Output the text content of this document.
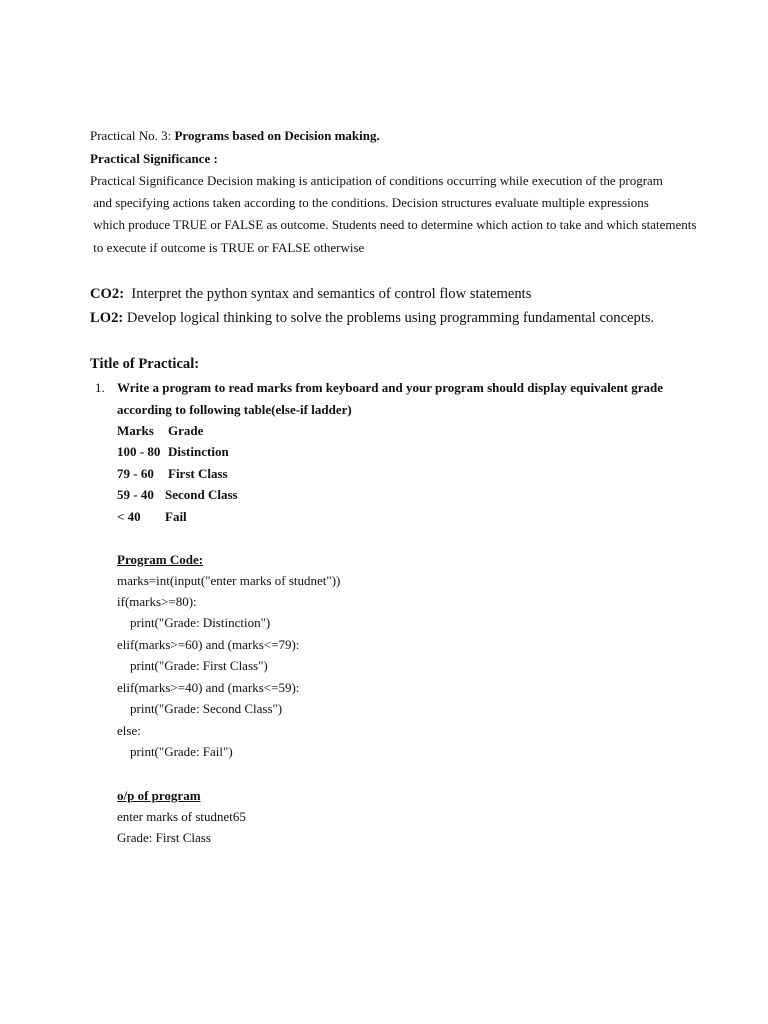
Practical No. 3: Programs based on Decision making.
Practical Significance :
Practical Significance Decision making is anticipation of conditions occurring while execution of the program
and specifying actions taken according to the conditions. Decision structures evaluate multiple expressions
which produce TRUE or FALSE as outcome. Students need to determine which action to take and which statements
to execute if outcome is TRUE or FALSE otherwise
CO2: Interpret the python syntax and semantics of control flow statements
LO2: Develop logical thinking to solve the problems using programming fundamental concepts.
Title of Practical:
1. Write a program to read marks from keyboard and your program should display equivalent grade
according to following table(else-if ladder)
Marks Grade
100 - 80 Distinction
79 - 60 First Class
59 - 40 Second Class
< 40 Fail
Program Code:
marks=int(input("enter marks of studnet"))
if(marks>=80):
print("Grade: Distinction")
elif(marks>=60) and (marks<=79):
print("Grade: First Class")
elif(marks>=40) and (marks<=59):
print("Grade: Second Class")
else:
print("Grade: Fail")
o/p of program
enter marks of studnet65
Grade: First Class
